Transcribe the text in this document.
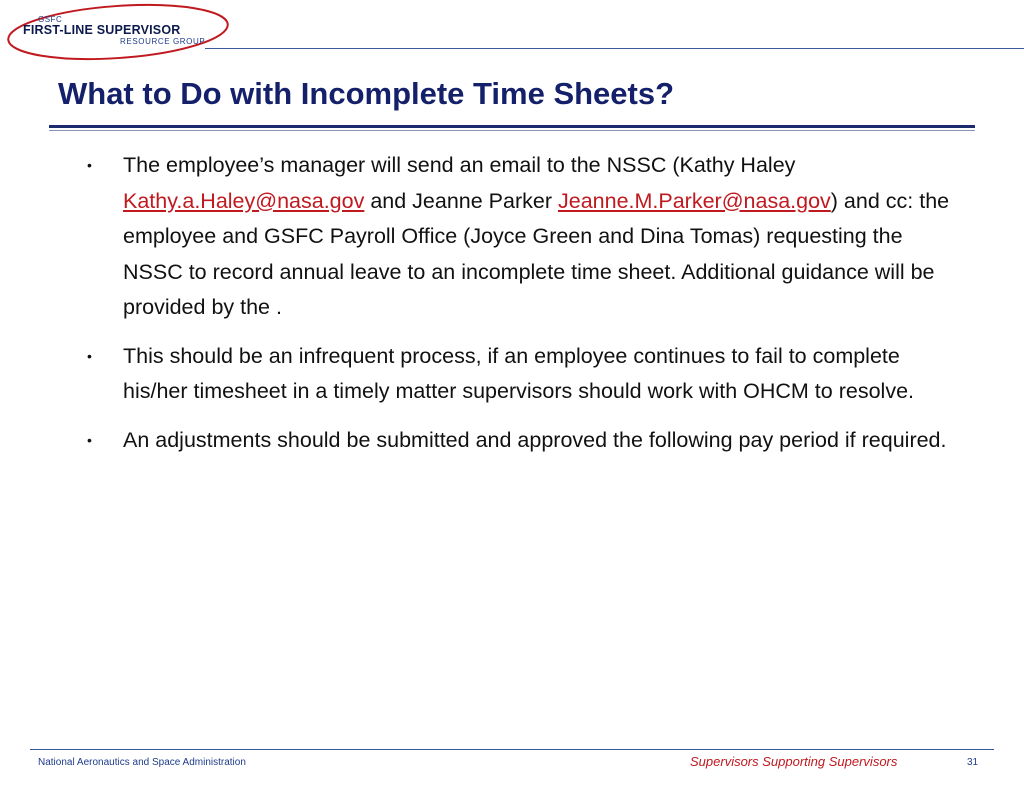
GSFC
FIRST-LINE SUPERVISOR
RESOURCE GROUP
What to Do with Incomplete Time Sheets?
• The employee’s manager will send an email to the NSSC (Kathy Haley Kathy.a.Haley@nasa.gov and Jeanne Parker Jeanne.M.Parker@nasa.gov) and cc: the employee and GSFC Payroll Office (Joyce Green and Dina Tomas) requesting the NSSC to record annual leave to an incomplete time sheet. Additional guidance will be provided by the .
• This should be an infrequent process, if an employee continues to fail to complete his/her timesheet in a timely matter supervisors should work with OHCM to resolve.
• An adjustments should be submitted and approved the following pay period if required.
National Aeronautics and Space Administration	Supervisors Supporting Supervisors	31
